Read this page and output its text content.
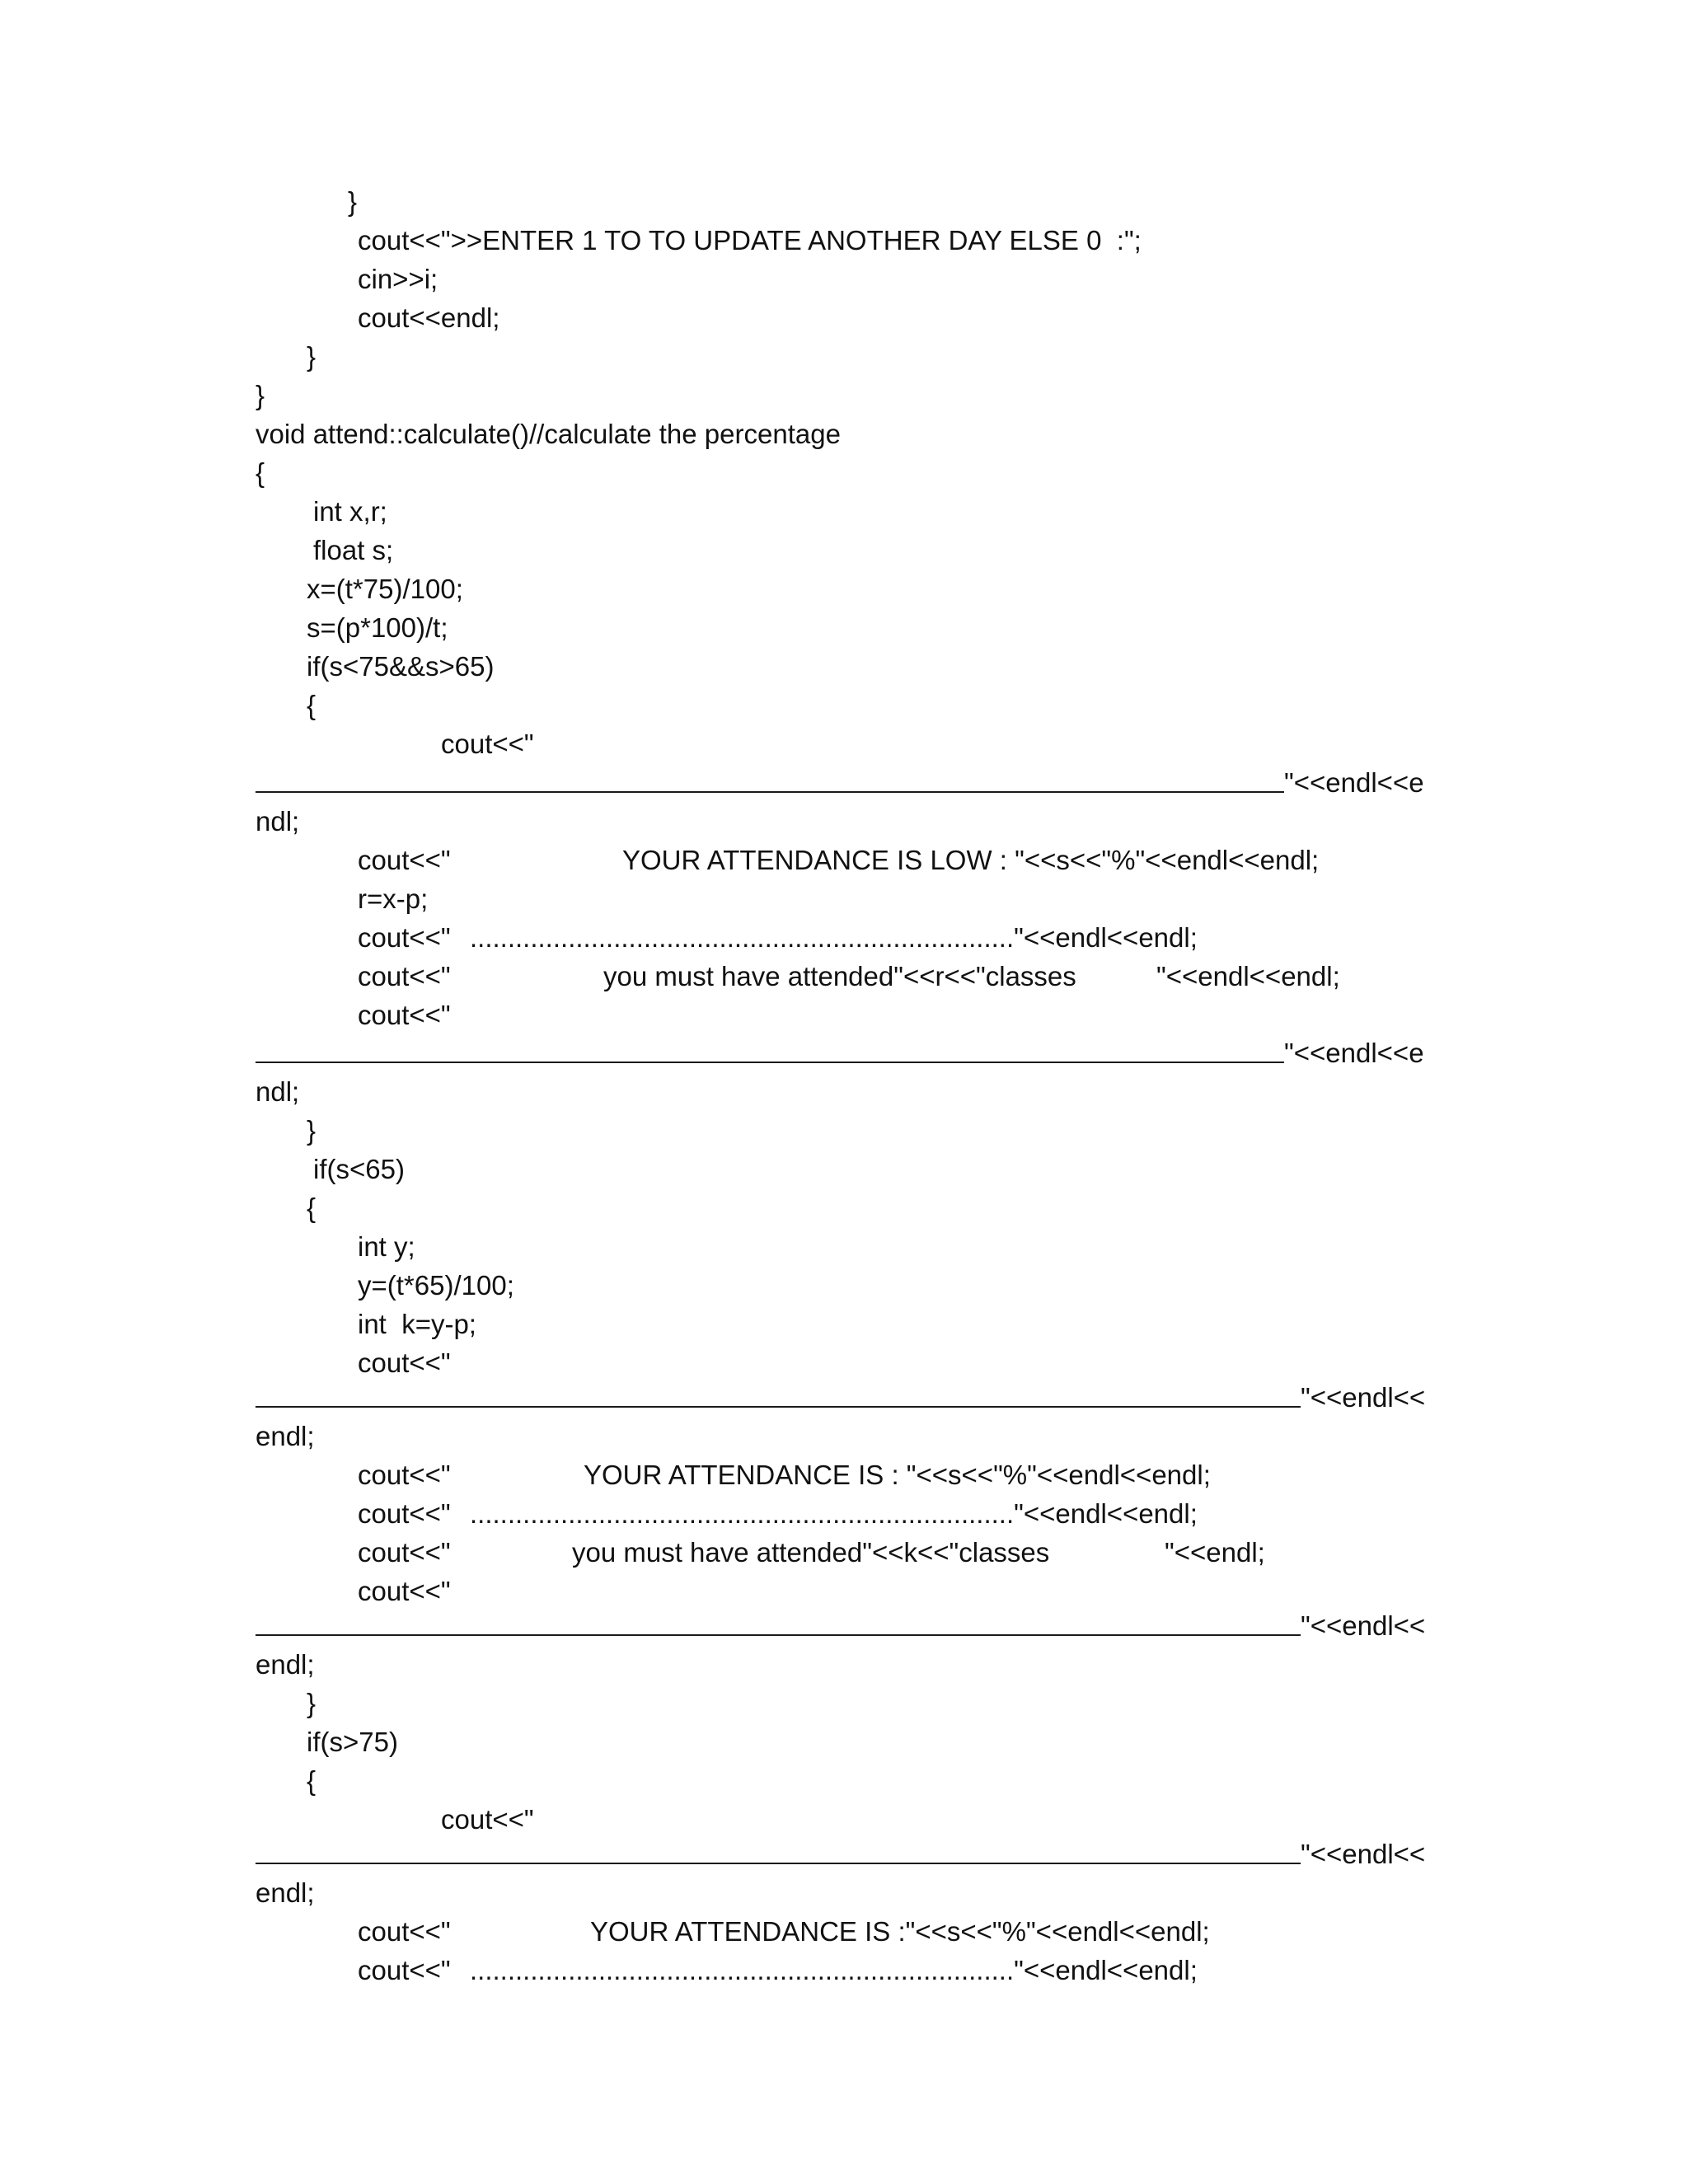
}
cout<<">>ENTER 1 TO TO UPDATE ANOTHER DAY ELSE 0  :";
cin>>i;
cout<<endl;
}
}
void attend::calculate()//calculate the percentage
{
int x,r;
float s;
x=(t*75)/100;
s=(p*100)/t;
if(s<75&&s>65)
{
cout<<"
"<<endl<<e
ndl;
cout<<"	YOUR ATTENDANCE IS LOW : "<<s<<"%"<<endl<<endl;
r=x-p;
cout<<" ........................................................................"<<endl<<endl;
cout<<"	you must have attended"<<r<<"classes	"<<endl<<endl;
cout<<"
"<<endl<<e
ndl;
}
if(s<65)
{
int y;
y=(t*65)/100;
int  k=y-p;
cout<<"
"<<endl<<
endl;
cout<<"	YOUR ATTENDANCE IS : "<<s<<"%"<<endl<<endl;
cout<<" ........................................................................"<<endl<<endl;
cout<<"	you must have attended"<<k<<"classes	"<<endl;
cout<<"
"<<endl<<
endl;
}
if(s>75)
{
cout<<"
"<<endl<<
endl;
cout<<"	YOUR ATTENDANCE IS :"<<s<<"%"<<endl<<endl;
cout<<" ........................................................................"<<endl<<endl;
